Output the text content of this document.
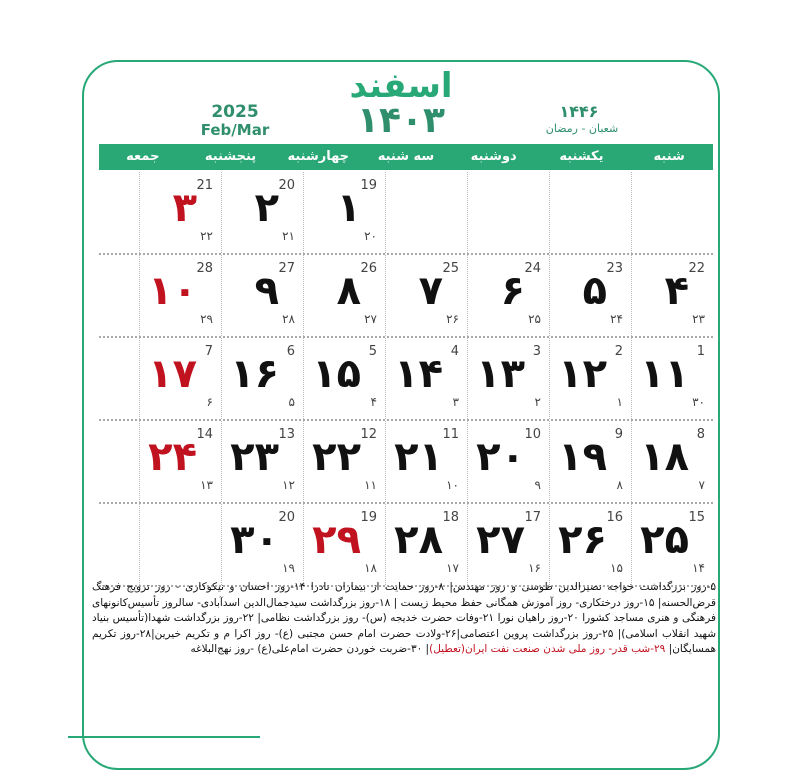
اسفند
۱۴۰۳
2025
Feb/Mar
۱۴۴۶
شعبان - رمضان
شنبه
یکشنبه
دوشنبه
سه شنبه
چهارشنبه
پنجشنبه
جمعه
۱ 19
۲۰
۲ 20
۲۱
۳ 21
۲۲
۴ 22
۲۳
۵ 23
۲۴
۶ 24
۲۵
۷ 25
۲۶
۸ 26
۲۷
۹ 27
۲۸
۱۰ 28
۲۹
۱۱ 1
۳۰
۱۲ 2
۱
۱۳ 3
۲
۱۴ 4
۳
۱۵ 5
۴
۱۶ 6
۵
۱۷ 7
۶
۱۸ 8
۷
۱۹ 9
۸
۲۰ 10
۹
۲۱ 11
۱۰
۲۲ 12
۱۱
۲۳ 13
۱۲
۲۴ 14
۱۳
۲۵ 15
۱۴
۲۶ 16
۱۵
۲۷ 17
۱۶
۲۸ 18
۱۷
۲۹ 19
۱۸
۳۰ 20
۱۹
۵-روز بزرگداشت خواجه نصیرالدین طوسی و روز مهندس| ۸-روز حمایت از بیماران نادرا ۱۴-روز احسان و نیکوکاری - روز ترویج فرهنگ قرض‌الحسنه| ۱۵-روز درختکاری- روز آموزش همگانی حفظ محیط زیست | ۱۸-روز بزرگداشت سیدجمال‌الدین اسدآبادی- سالروز تأسیس‌کانونهای فرهنگی و هنری مساجد کشورا ۲۰-روز راهیان نورا ۲۱-وفات حضرت خدیجه (س)- روز بزرگداشت نظامی| ۲۲-روز بزرگداشت شهدا(تأسیس بنیاد شهید انقلاب اسلامی)| ۲۵-روز بزرگداشت پروین اعتصامی|۲۶-ولادت حضرت امام حسن مجتبی (ع)- روز اکرا م و تکریم خیرین|۲۸-روز تکریم همسایگان| ۲۹-شب قدر- روز ملی شدن صنعت نفت ایران(تعطیل)| ۳۰-ضربت خوردن حضرت امام‌علی(ع) -روز نهج‌البلاغه
